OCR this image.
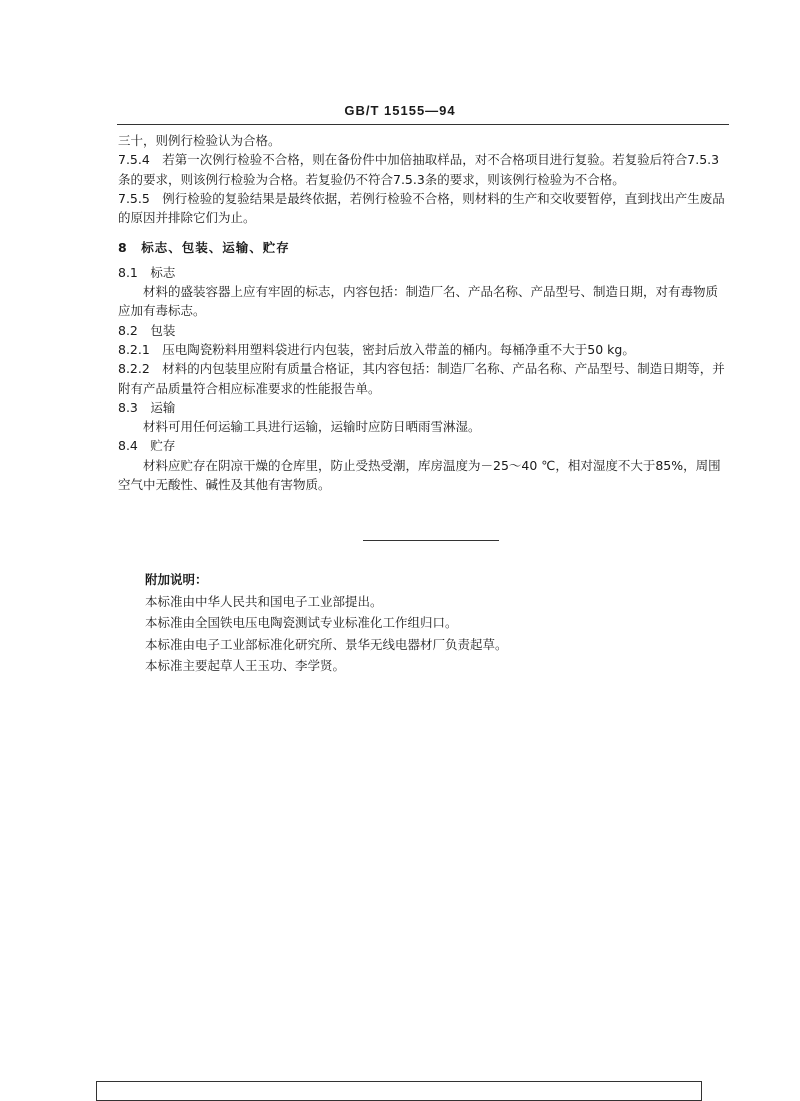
GB/T 15155—94

三十，则例行检验认为合格。

7.5.4　若第一次例行检验不合格，则在备份件中加倍抽取样品，对不合格项目进行复验。若复验后符合7.5.3条的要求，则该例行检验为合格。若复验仍不符合7.5.3条的要求，则该例行检验为不合格。

7.5.5　例行检验的复验结果是最终依据，若例行检验不合格，则材料的生产和交收要暂停，直到找出产生废品的原因并排除它们为止。

8　标志、包装、运输、贮存

8.1　标志

材料的盛装容器上应有牢固的标志，内容包括：制造厂名、产品名称、产品型号、制造日期，对有毒物质应加有毒标志。

8.2　包装

8.2.1　压电陶瓷粉料用塑料袋进行内包装，密封后放入带盖的桶内。每桶净重不大于50 kg。

8.2.2　材料的内包装里应附有质量合格证，其内容包括：制造厂名称、产品名称、产品型号、制造日期等，并附有产品质量符合相应标准要求的性能报告单。

8.3　运输

材料可用任何运输工具进行运输，运输时应防日晒雨雪淋湿。

8.4　贮存

材料应贮存在阴凉干燥的仓库里，防止受热受潮，库房温度为－25～40 ℃，相对湿度不大于85%，周围空气中无酸性、碱性及其他有害物质。

附加说明：

本标准由中华人民共和国电子工业部提出。

本标准由全国铁电压电陶瓷测试专业标准化工作组归口。

本标准由电子工业部标准化研究所、景华无线电器材厂负责起草。

本标准主要起草人王玉功、李学贤。
